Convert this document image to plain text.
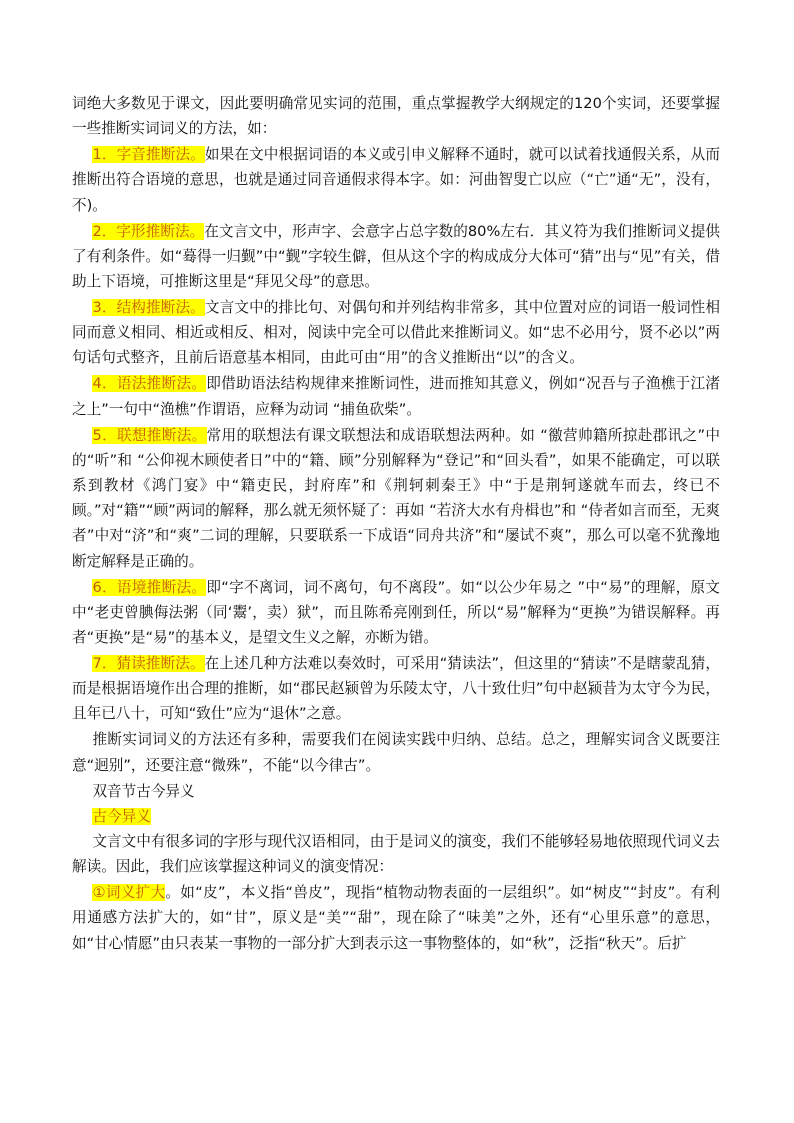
词绝大多数见于课文，因此要明确常见实词的范围，重点掌握教学大纲规定的120个实词，还要掌握一些推断实词词义的方法，如：

1．字音推断法。如果在文中根据词语的本义或引申义解释不通时，就可以试着找通假关系，从而推断出符合语境的意思，也就是通过同音通假求得本字。如：河曲智叟亡以应（“亡”通“无”，没有，不)。

2．字形推断法。在文言文中，形声字、会意字占总字数的80%左右．其义符为我们推断词义提供了有利条件。如“蓦得一归觐”中“觐”字较生僻，但从这个字的构成成分大体可“猜”出与“见”有关，借助上下语境，可推断这里是“拜见父母”的意思。

3．结构推断法。文言文中的排比句、对偶句和并列结构非常多，其中位置对应的词语一般词性相同而意义相同、相近或相反、相对，阅读中完全可以借此来推断词义。如“忠不必用兮，贤不必以”两句话句式整齐，且前后语意基本相同，由此可由“用”的含义推断出“以”的含义。

4．语法推断法。即借助语法结构规律来推断词性，进而推知其意义，例如“况吾与子渔樵于江渚之上”一句中“渔樵”作谓语，应释为动词 “捕鱼砍柴”。

5．联想推断法。常用的联想法有课文联想法和成语联想法两种。如 “徼营帅籍所掠赴郡讯之”中的“听”和 “公仰视木顾使者日”中的“籍、顾”分别解释为“登记”和“回头看”，如果不能确定，可以联系到教材《鸿门宴》中“籍吏民，封府库”和《荆轲刺秦王》中“于是荆轲遂就车而去，终已不顾。”对“籍”“顾”两词的解释，那么就无须怀疑了：再如 “若济大水有舟楫也”和 “侍者如言而至，无爽者”中对“济”和“爽”二词的理解，只要联系一下成语“同舟共济”和“屡试不爽”，那么可以毫不犹豫地断定解释是正确的。

6．语境推断法。即“字不离词，词不离句，句不离段”。如“以公少年易之 ”中“易”的理解，原文中“老吏曾腆侮法粥（同‘鬻’，卖）狱”，而且陈希亮刚到任，所以“易”解释为“更换”为错误解释。再者“更换”是“易”的基本义，是望文生义之解，亦断为错。

7．猜读推断法。在上述几种方法难以奏效时，可采用“猜读法”，但这里的“猜读”不是瞎蒙乱猜，而是根据语境作出合理的推断，如“郡民赵颍曾为乐陵太守，八十致仕归”句中赵颍昔为太守今为民，且年已八十，可知“致仕”应为“退休”之意。

推断实词词义的方法还有多种，需要我们在阅读实践中归纳、总结。总之，理解实词含义既要注意“迥别”，还要注意“微殊”，不能“以今律古”。

双音节古今异义

古今异义

文言文中有很多词的字形与现代汉语相同，由于是词义的演变，我们不能够轻易地依照现代词义去解读。因此，我们应该掌握这种词义的演变情况：

①词义扩大。如“皮”，本义指“兽皮”，现指“植物动物表面的一层组织”。如“树皮”“封皮”。有利用通感方法扩大的，如“甘”，原义是“美”“甜”，现在除了“味美”之外，还有“心里乐意”的意思，如“甘心情愿”由只表某一事物的一部分扩大到表示这一事物整体的，如“秋”，泛指“秋天”。后扩
